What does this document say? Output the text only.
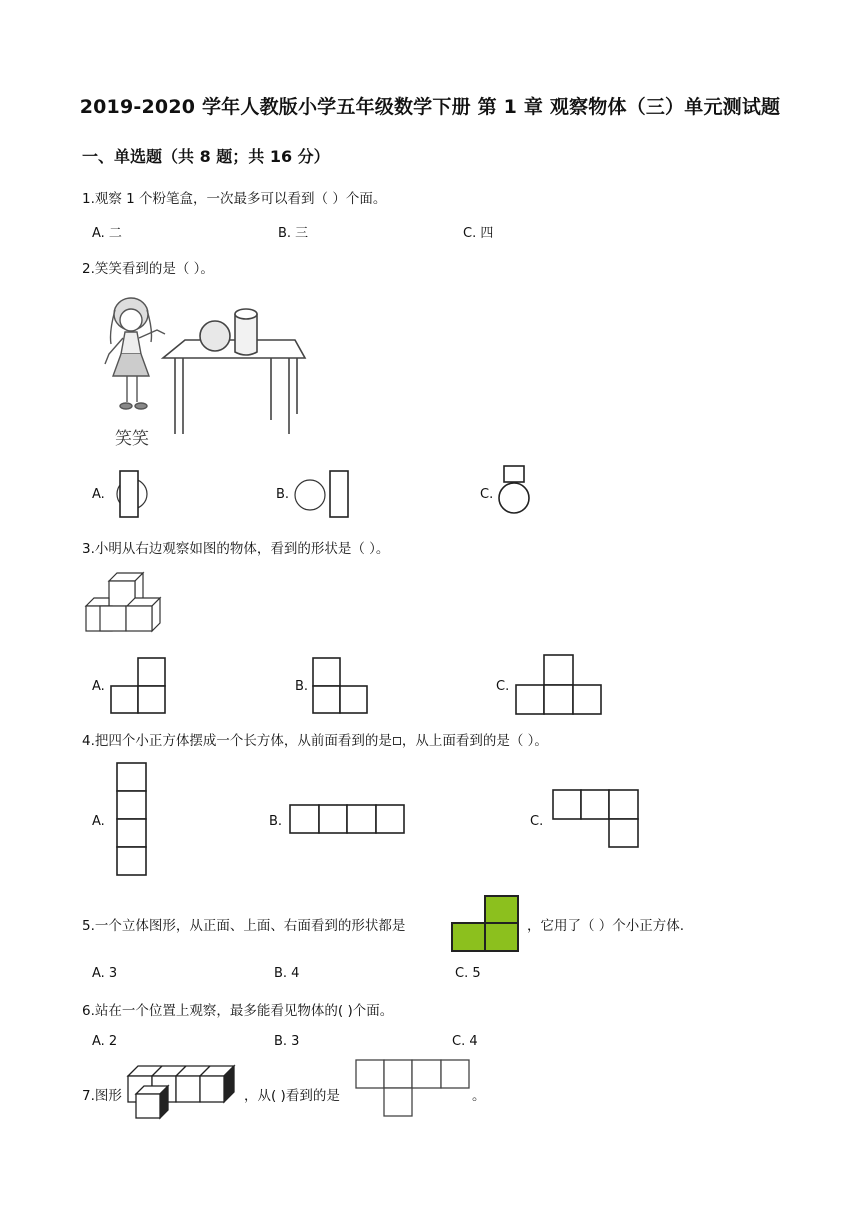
2019-2020 学年人教版小学五年级数学下册 第 1 章 观察物体（三）单元测试题
一、单选题（共 8 题；共 16 分）
1.观察 1 个粉笔盒，一次最多可以看到（ ）个面。
A. 二	B. 三	C. 四
2.笑笑看到的是（ ）。
笑笑
A.	B.	C.
3.小明从右边观察如图的物体，看到的形状是（ ）。
A.	B.	C.
4.把四个小正方体摆成一个长方体，从前面看到的是 ，从上面看到的是（ ）。
A.	B.	C.
5.一个立体图形，从正面、上面、右面看到的形状都是	，它用了（ ）个小正方体.
A. 3	B. 4	C. 5
6.站在一个位置上观察，最多能看见物体的( )个面。
A. 2	B. 3	C. 4
7.图形	，从( )看到的是	。
